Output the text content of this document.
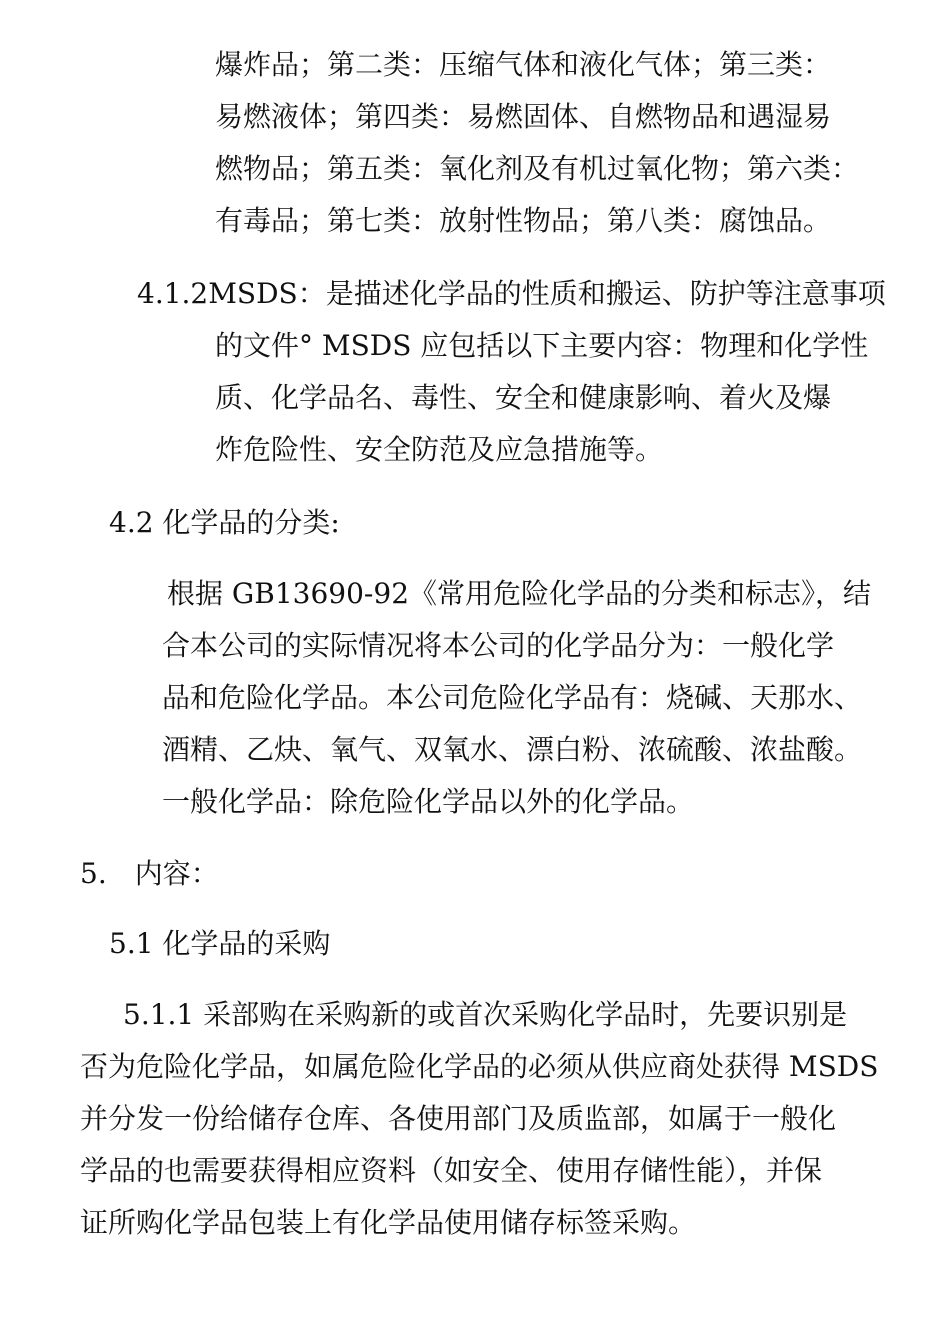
爆炸品；第二类：压缩气体和液化气体；第三类：
易燃液体；第四类：易燃固体、自燃物品和遇湿易
燃物品；第五类：氧化剂及有机过氧化物；第六类：
有毒品；第七类：放射性物品；第八类：腐蚀品。
4.1.2MSDS：是描述化学品的性质和搬运、防护等注意事项
的文件° MSDS 应包括以下主要内容：物理和化学性
质、化学品名、毒性、安全和健康影响、着火及爆
炸危险性、安全防范及应急措施等。
4.2 化学品的分类:
根据 GB13690-92《常用危险化学品的分类和标志》，结
合本公司的实际情况将本公司的化学品分为：一般化学
品和危险化学品。本公司危险化学品有：烧碱、天那水、
酒精、乙炔、氧气、双氧水、漂白粉、浓硫酸、浓盐酸。
一般化学品：除危险化学品以外的化学品。
5.　内容：
5.1 化学品的采购
5.1.1 采部购在采购新的或首次采购化学品时，先要识别是
否为危险化学品，如属危险化学品的必须从供应商处获得 MSDS
并分发一份给储存仓库、各使用部门及质监部，如属于一般化
学品的也需要获得相应资料（如安全、使用存储性能），并保
证所购化学品包装上有化学品使用储存标签采购。
